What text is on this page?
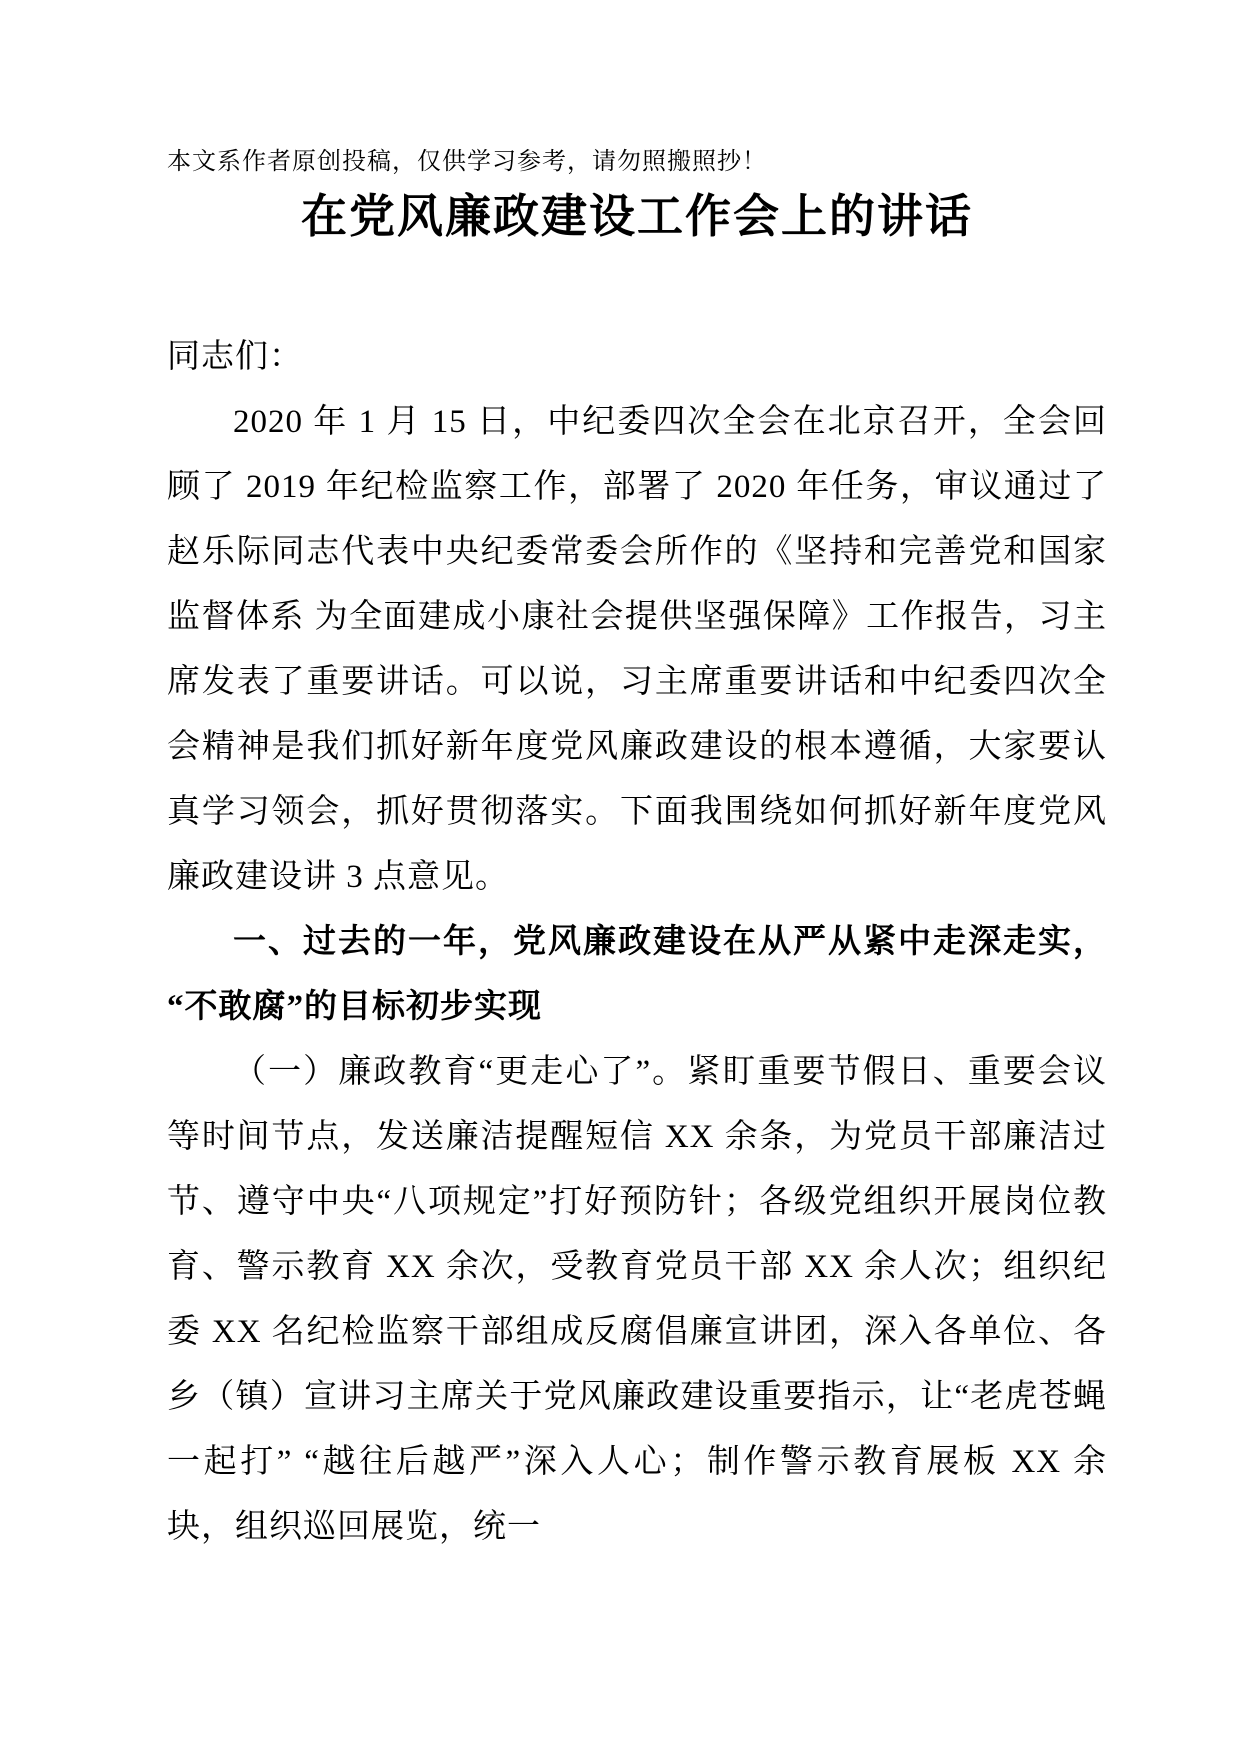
本文系作者原创投稿，仅供学习参考，请勿照搬照抄！
在党风廉政建设工作会上的讲话

同志们：

2020 年 1 月 15 日，中纪委四次全会在北京召开，全会回顾了 2019 年纪检监察工作，部署了 2020 年任务，审议通过了赵乐际同志代表中央纪委常委会所作的《坚持和完善党和国家监督体系 为全面建成小康社会提供坚强保障》工作报告，习主席发表了重要讲话。可以说，习主席重要讲话和中纪委四次全会精神是我们抓好新年度党风廉政建设的根本遵循，大家要认真学习领会，抓好贯彻落实。下面我围绕如何抓好新年度党风廉政建设讲 3 点意见。

一、过去的一年，党风廉政建设在从严从紧中走深走实，“不敢腐”的目标初步实现

（一）廉政教育“更走心了”。紧盯重要节假日、重要会议等时间节点，发送廉洁提醒短信 XX 余条，为党员干部廉洁过节、遵守中央“八项规定”打好预防针；各级党组织开展岗位教育、警示教育 XX 余次，受教育党员干部 XX 余人次；组织纪委 XX 名纪检监察干部组成反腐倡廉宣讲团，深入各单位、各乡（镇）宣讲习主席关于党风廉政建设重要指示，让“老虎苍蝇一起打” “越往后越严”深入人心；制作警示教育展板 XX 余块，组织巡回展览，统一
